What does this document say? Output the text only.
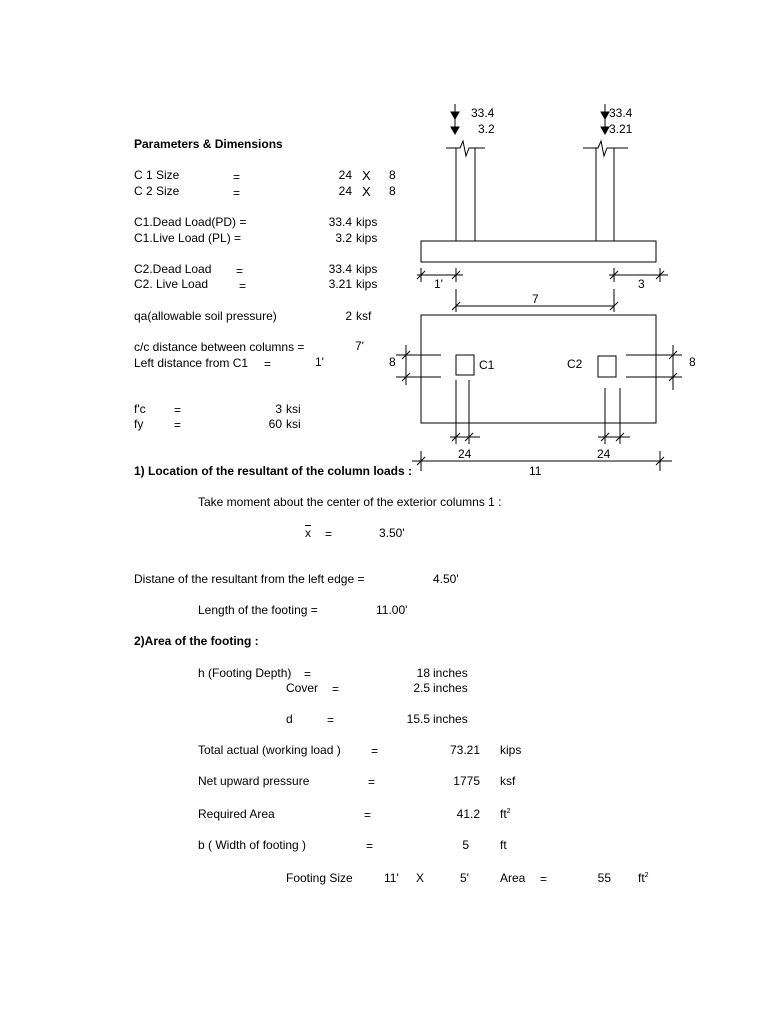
33.4
3.2
33.4
3.21
1'	3
7
8	8
C1	C2
24	24
11
Parameters & Dimensions
C 1 Size	=	24 X 8
C 2 Size	=	24 X 8
C1.Dead Load(PD) =	33.4 kips
C1.Live Load (PL) =	3.2 kips
C2.Dead Load =	33.4 kips
C2. Live Load	=	3.21 kips
qa(allowable soil pressure)	2 ksf
c/c distance between columns =	7'
Left distance from C1 =	1'
f'c =	3 ksi
fy	=	60 ksi
1) Location of the resultant of the column loads :
Take moment about the center of the exterior columns 1 :
$\overline{x}$ =	3.50'
Distane of the resultant from the left edge =	4.50'
Length of the footing =	11.00'
2)Area of the footing :
h (Footing Depth) =	18 inches
Cover =	2.5 inches
d	=	15.5 inches
Total actual (working load )	=	73.21 kips
Net upward pressure	=	1775 ksf
Required Area	=	41.2 $ft^2$
b ( Width of footing )	=	5	ft
Footing Size	11' X	5'	Area =	55 $ft^2$
